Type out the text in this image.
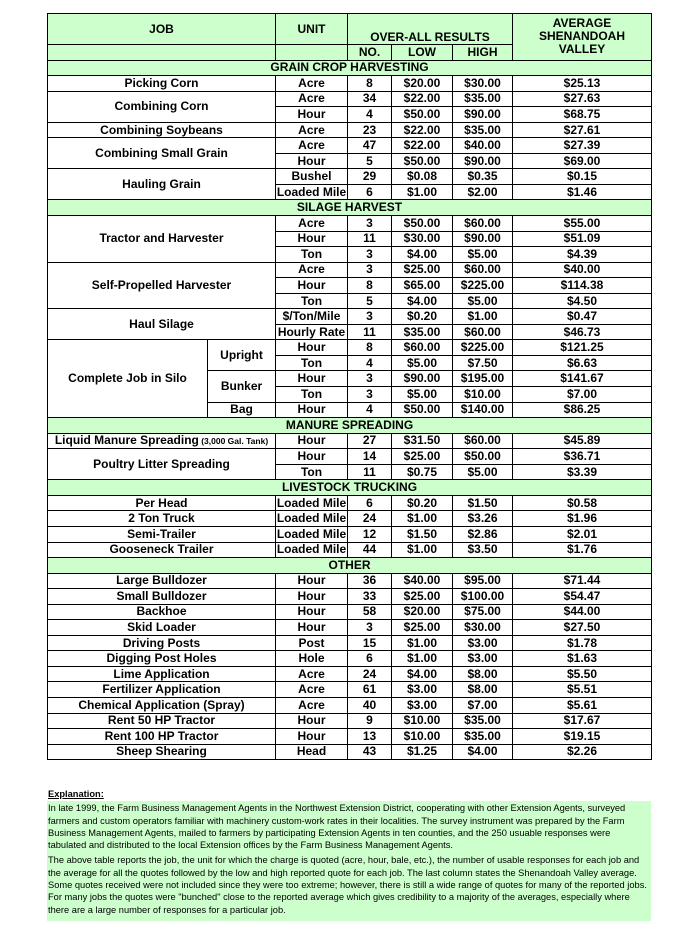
JOB		UNIT	OVER-ALL RESULTS			AVERAGE
SHENANDOAH
VALLEY

			NO.	LOW	HIGH	
GRAIN CROP HARVESTING						
Picking Corn		Acre	8	$20.00	$30.00	$25.13
Combining Corn		Acre	34	$22.00	$35.00	$27.63
		Hour	4	$50.00	$90.00	$68.75
Combining Soybeans		Acre	23	$22.00	$35.00	$27.61
Combining Small Grain		Acre	47	$22.00	$40.00	$27.39
		Hour	5	$50.00	$90.00	$69.00
Hauling Grain		Bushel	29	$0.08	$0.35	$0.15
		Loaded Mile	6	$1.00	$2.00	$1.46
SILAGE HARVEST						
Tractor and Harvester		Acre	3	$50.00	$60.00	$55.00
		Hour	11	$30.00	$90.00	$51.09
		Ton	3	$4.00	$5.00	$4.39
Self-Propelled Harvester		Acre	3	$25.00	$60.00	$40.00
		Hour	8	$65.00	$225.00	$114.38
		Ton	5	$4.00	$5.00	$4.50
Haul Silage		$/Ton/Mile	3	$0.20	$1.00	$0.47
		Hourly Rate	11	$35.00	$60.00	$46.73
Complete Job in Silo	Upright	Hour	8	$60.00	$225.00	$121.25
		Ton	4	$5.00	$7.50	$6.63
	Bunker	Hour	3	$90.00	$195.00	$141.67
		Ton	3	$5.00	$10.00	$7.00
	Bag	Hour	4	$50.00	$140.00	$86.25
MANURE SPREADING						
Liquid Manure Spreading (3,000 Gal. Tank)		Hour	27	$31.50	$60.00	$45.89
Poultry Litter Spreading		Hour	14	$25.00	$50.00	$36.71
		Ton	11	$0.75	$5.00	$3.39
LIVESTOCK TRUCKING						
Per Head		Loaded Mile	6	$0.20	$1.50	$0.58
2 Ton Truck		Loaded Mile	24	$1.00	$3.26	$1.96
Semi-Trailer		Loaded Mile	12	$1.50	$2.86	$2.01
Gooseneck Trailer		Loaded Mile	44	$1.00	$3.50	$1.76
OTHER						
Large Bulldozer		Hour	36	$40.00	$95.00	$71.44
Small Bulldozer		Hour	33	$25.00	$100.00	$54.47
Backhoe		Hour	58	$20.00	$75.00	$44.00
Skid Loader		Hour	3	$25.00	$30.00	$27.50
Driving Posts		Post	15	$1.00	$3.00	$1.78
Digging Post Holes		Hole	6	$1.00	$3.00	$1.63
Lime Application		Acre	24	$4.00	$8.00	$5.50
Fertilizer Application		Acre	61	$3.00	$8.00	$5.51
Chemical Application (Spray)		Acre	40	$3.00	$7.00	$5.61
Rent 50 HP Tractor		Hour	9	$10.00	$35.00	$17.67
Rent 100 HP Tractor		Hour	13	$10.00	$35.00	$19.15
Sheep Shearing		Head	43	$1.25	$4.00	$2.26
Explanation:

In late 1999, the Farm Business Management Agents in the Northwest Extension District, cooperating with other Extension Agents, surveyed farmers and custom operators familiar with machinery custom-work rates in their localities. The survey instrument was prepared by the Farm Business Management Agents, mailed to farmers by participating Extension Agents in ten counties, and the 250 usuable responses were tabulated and distributed to the local Extension offices by the Farm Business Management Agents.

The above table reports the job, the unit for which the charge is quoted (acre, hour, bale, etc.), the number of usable responses for each job and the average for all the quotes followed by the low and high reported quote for each job. The last column states the Shenandoah Valley average. Some quotes received were not included since they were too extreme; however, there is still a wide range of quotes for many of the reported jobs. For many jobs the quotes were "bunched" close to the reported average which gives credibility to a majority of the averages, especially where there are a large number of responses for a particular job.
